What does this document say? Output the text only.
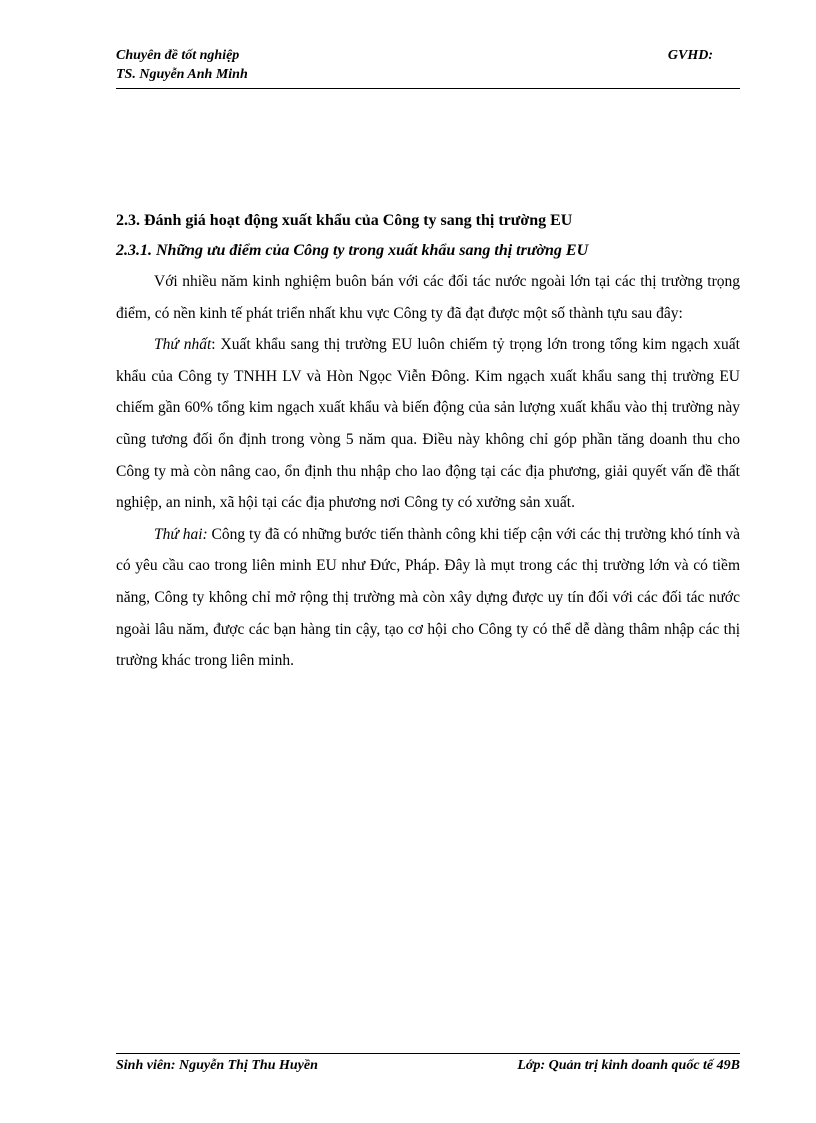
Chuyên đề tốt nghiệp	GVHD:
TS. Nguyễn Anh Minh
2.3. Đánh giá hoạt động xuất khẩu của Công ty sang thị trường EU
2.3.1. Những ưu điểm của Công ty trong xuất khẩu sang thị trường EU

Với nhiều năm kinh nghiệm buôn bán với các đối tác nước ngoài lớn tại các thị trường trọng điểm, có nền kinh tế phát triển nhất khu vực Công ty đã đạt được một số thành tựu sau đây:

Thứ nhất: Xuất khẩu sang thị trường EU luôn chiếm tỷ trọng lớn trong tổng kim ngạch xuất khẩu của Công ty TNHH LV và Hòn Ngọc Viễn Đông. Kim ngạch xuất khẩu sang thị trường EU chiếm gần 60% tổng kim ngạch xuất khẩu và biến động của sản lượng xuất khẩu vào thị trường này cũng tương đối ổn định trong vòng 5 năm qua. Điều này không chỉ góp phần tăng doanh thu cho Công ty mà còn nâng cao, ổn định thu nhập cho lao động tại các địa phương, giải quyết vấn đề thất nghiệp, an ninh, xã hội tại các địa phương nơi Công ty có xưởng sản xuất.

Thứ hai: Công ty đã có những bước tiến thành công khi tiếp cận với các thị trường khó tính và có yêu cầu cao trong liên minh EU như Đức, Pháp. Đây là mụt trong các thị trường lớn và có tiềm năng, Công ty không chỉ mở rộng thị trường mà còn xây dựng được uy tín đối với các đối tác nước ngoài lâu năm, được các bạn hàng tin cậy, tạo cơ hội cho Công ty có thể dễ dàng thâm nhập các thị trường khác trong liên minh.

Sinh viên: Nguyễn Thị Thu Huyền	Lớp: Quản trị kinh doanh quốc tế 49B
